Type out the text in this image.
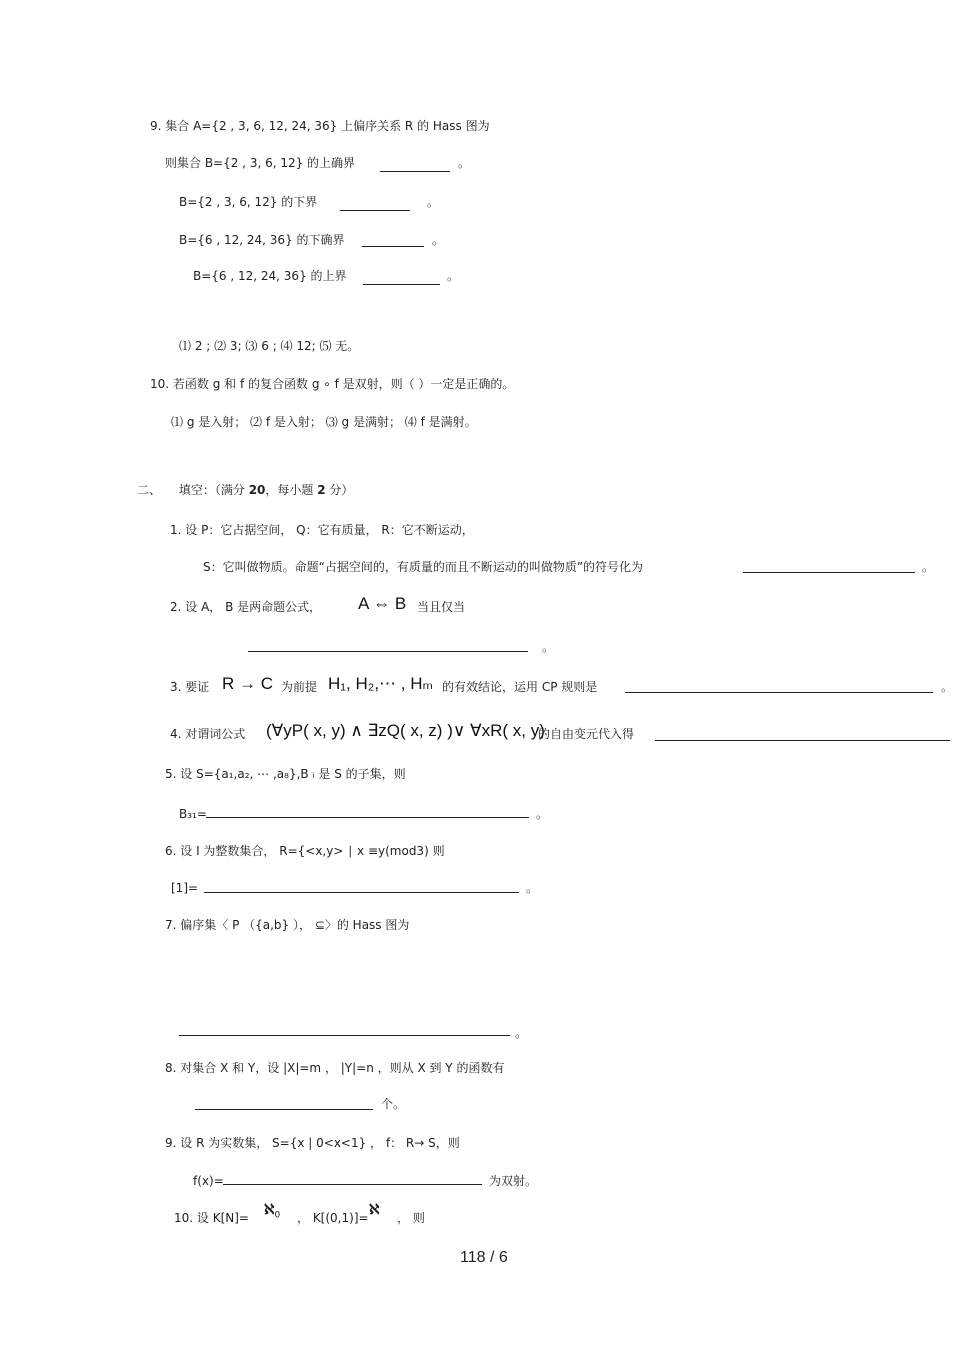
9. 集合 A={2 , 3, 6, 12, 24, 36} 上偏序关系 R 的 Hass 图为
则集合 B={2 , 3, 6, 12} 的上确界	。
B={2 , 3, 6, 12} 的下界	。
B={6 , 12, 24, 36} 的下确界	。
B={6 , 12, 24, 36} 的上界	。
⑴ 2 ; ⑵ 3; ⑶ 6 ; ⑷ 12; ⑸ 无。
10. 若函数 g 和 f 的复合函数 g ∘ f 是双射，则（ ）一定是正确的。
⑴ g 是入射； ⑵ f 是入射； ⑶ g 是满射； ⑷ f 是满射。
二、 填空：（满分 20，每小题 2 分）
1. 设 P：它占据空间， Q：它有质量， R：它不断运动，
S：它叫做物质。命题“占据空间的，有质量的而且不断运动的叫做物质”的符号化为	。
2. 设 A， B 是两命题公式， A ⇔ B 当且仅当
。
3. 要证 R → C 为前提 H₁, H₂,⋯ , Hₘ 的有效结论，运用 CP 规则是	。
4. 对谓词公式 (∀yP( x, y) ∧ ∃zQ( x, z) )∨ ∀xR( x, y)
的自由变元代入得
5. 设 S={a₁,a₂, ⋯ ,a₈},B ᵢ 是 S 的子集，则
B₃₁=	。
6. 设 I 为整数集合， R={<x,y> ∣ x ≡y(mod3) 则
[1]=	。
7. 偏序集〈 P （{a,b} ）， ⊆〉的 Hass 图为
。
8. 对集合 X 和 Y，设 |X|=m ， |Y|=n ，则从 X 到 Y 的函数有
个。
9. 设 R 为实数集， S={x | 0<x<1} ， f： R→ S，则
f(x)=	为双射。
10. 设 K[N]= ℵ$_0$ ， K[(0,1)]= ℵ ， 则
118 / 6
